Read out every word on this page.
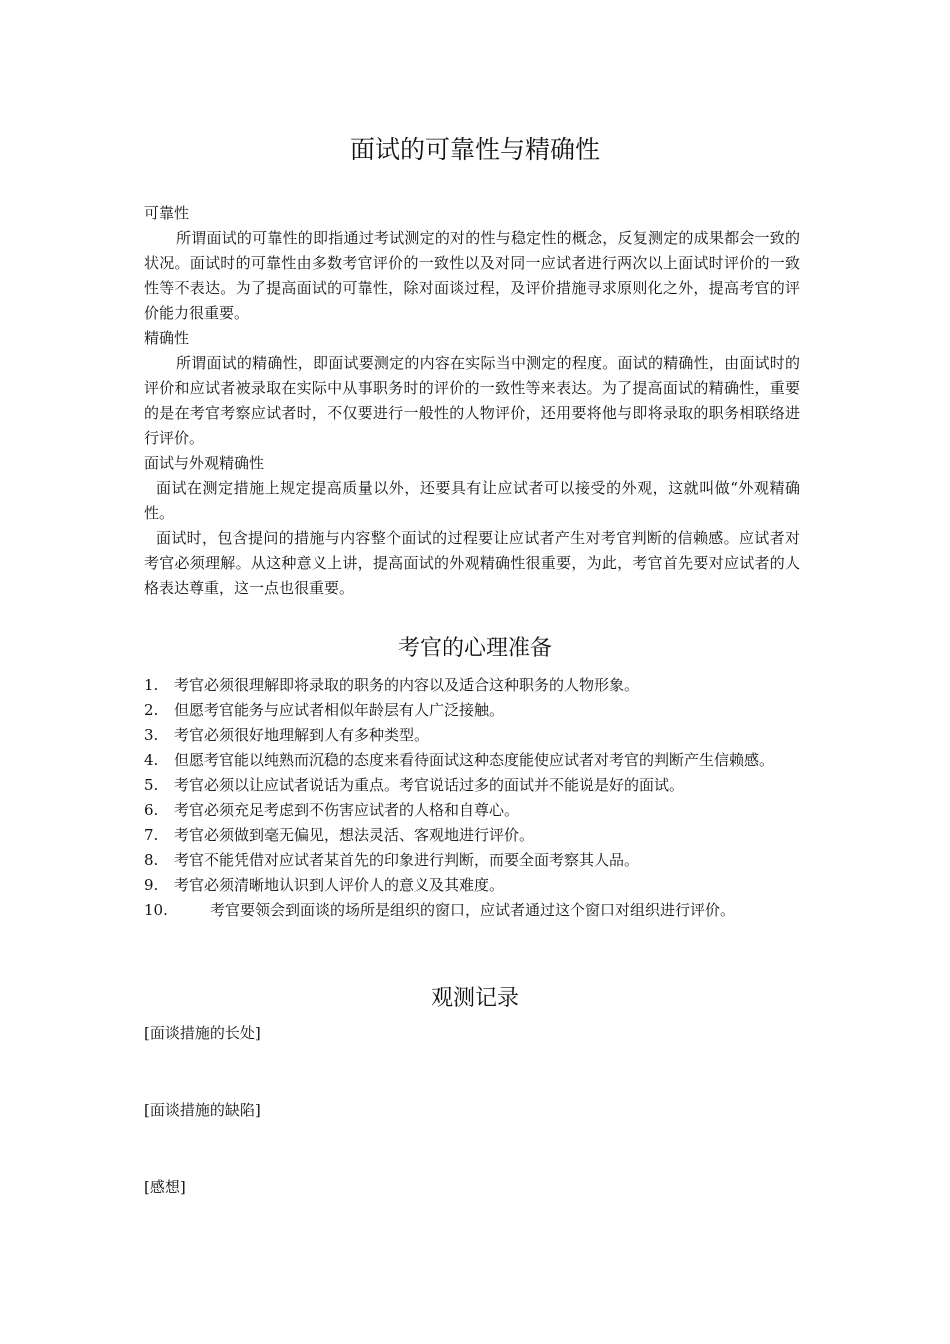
面试的可靠性与精确性

可靠性

所谓面试的可靠性的即指通过考试测定的对的性与稳定性的概念，反复测定的成果都会一致的状况。面试时的可靠性由多数考官评价的一致性以及对同一应试者进行两次以上面试时评价的一致性等不表达。为了提高面试的可靠性，除对面谈过程，及评价措施寻求原则化之外，提高考官的评价能力很重要。

精确性

所谓面试的精确性，即面试要测定的内容在实际当中测定的程度。面试的精确性，由面试时的评价和应试者被录取在实际中从事职务时的评价的一致性等来表达。为了提高面试的精确性，重要的是在考官考察应试者时，不仅要进行一般性的人物评价，还用要将他与即将录取的职务相联络进行评价。

面试与外观精确性

面试在测定措施上规定提高质量以外，还要具有让应试者可以接受的外观，这就叫做“外观精确性。

面试时，包含提问的措施与内容整个面试的过程要让应试者产生对考官判断的信赖感。应试者对考官必须理解。从这种意义上讲，提高面试的外观精确性很重要，为此，考官首先要对应试者的人格表达尊重，这一点也很重要。

考官的心理准备
1. 考官必须很理解即将录取的职务的内容以及适合这种职务的人物形象。
2. 但愿考官能务与应试者相似年龄层有人广泛接触。
3. 考官必须很好地理解到人有多种类型。
4. 但愿考官能以纯熟而沉稳的态度来看待面试这种态度能使应试者对考官的判断产生信赖感。
5. 考官必须以让应试者说话为重点。考官说话过多的面试并不能说是好的面试。
6. 考官必须充足考虑到不伤害应试者的人格和自尊心。
7. 考官必须做到毫无偏见，想法灵活、客观地进行评价。
8. 考官不能凭借对应试者某首先的印象进行判断，而要全面考察其人品。
9. 考官必须清晰地认识到人评价人的意义及其难度。
10.	考官要领会到面谈的场所是组织的窗口，应试者通过这个窗口对组织进行评价。
观测记录

[面谈措施的长处]

[面谈措施的缺陷]

[感想]
